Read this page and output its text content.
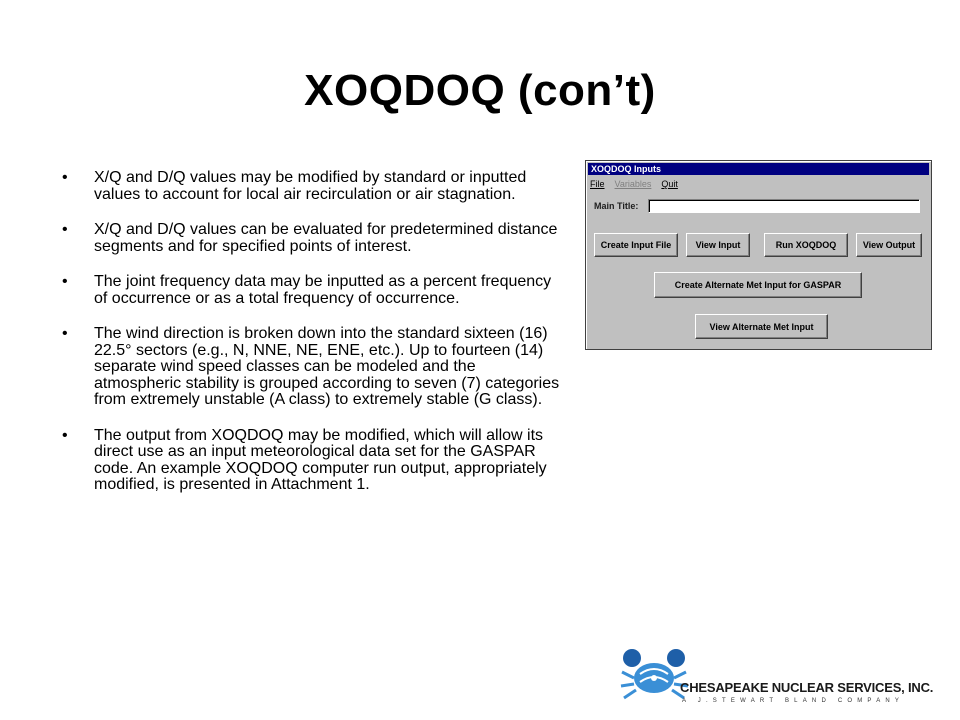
XOQDOQ (con’t)
• X/Q and D/Q values may be modified by standard or inputted values to account for local air recirculation or air stagnation.
• X/Q and D/Q values can be evaluated for predetermined distance segments and for specified points of interest.
• The joint frequency data may be inputted as a percent frequency of occurrence or as a total frequency of occurrence.
• The wind direction is broken down into the standard sixteen (16) 22.5° sectors (e.g., N, NNE, NE, ENE, etc.). Up to fourteen (14) separate wind speed classes can be modeled and the atmospheric stability is grouped according to seven (7) categories from extremely unstable (A class) to extremely stable (G class).
• The output from XOQDOQ may be modified, which will allow its direct use as an input meteorological data set for the GASPAR code. An example XOQDOQ computer run output, appropriately modified, is presented in Attachment 1.
XOQDOQ Inputs
File Variables Quit
Main Title:
Create Input File	View Input	Run XOQDOQ	View Output
Create Alternate Met Input for GASPAR
View Alternate Met Input
CHESAPEAKE NUCLEAR SERVICES, INC.
A J.STEWART BLAND COMPANY
